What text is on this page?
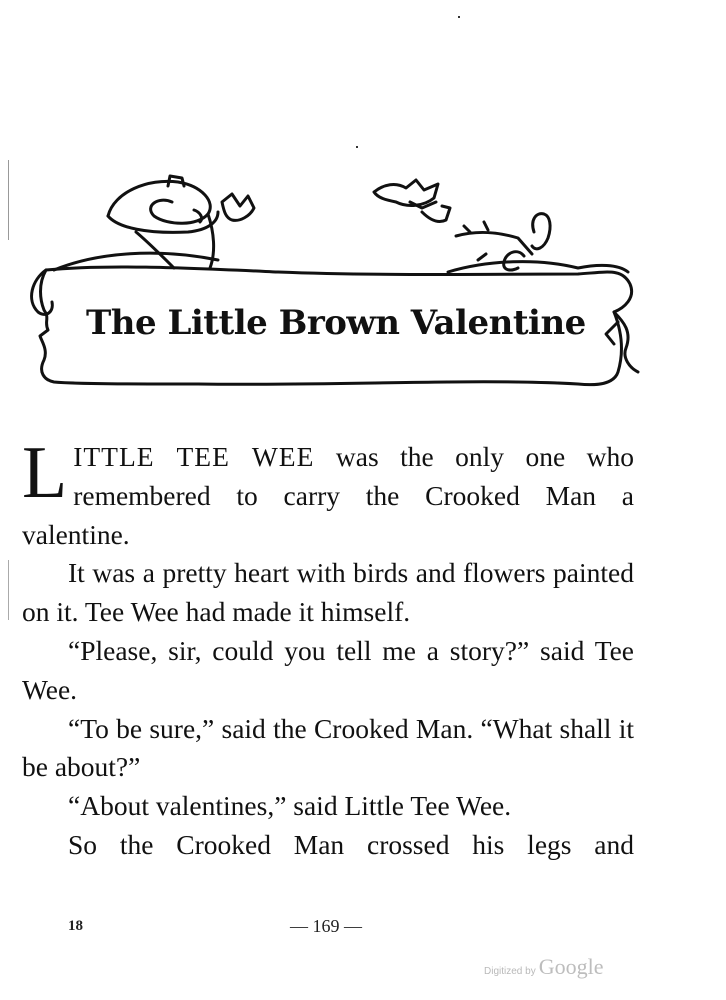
The Little Brown Valentine

LITTLE TEE WEE was the only one who remembered to carry the Crooked Man a valentine.

It was a pretty heart with birds and flowers painted on it. Tee Wee had made it himself.

“Please, sir, could you tell me a story?” said Tee Wee.

“To be sure,” said the Crooked Man. “What shall it be about?”

“About valentines,” said Little Tee Wee.

So the Crooked Man crossed his legs and

18	— 169 —
Digitized by Google
